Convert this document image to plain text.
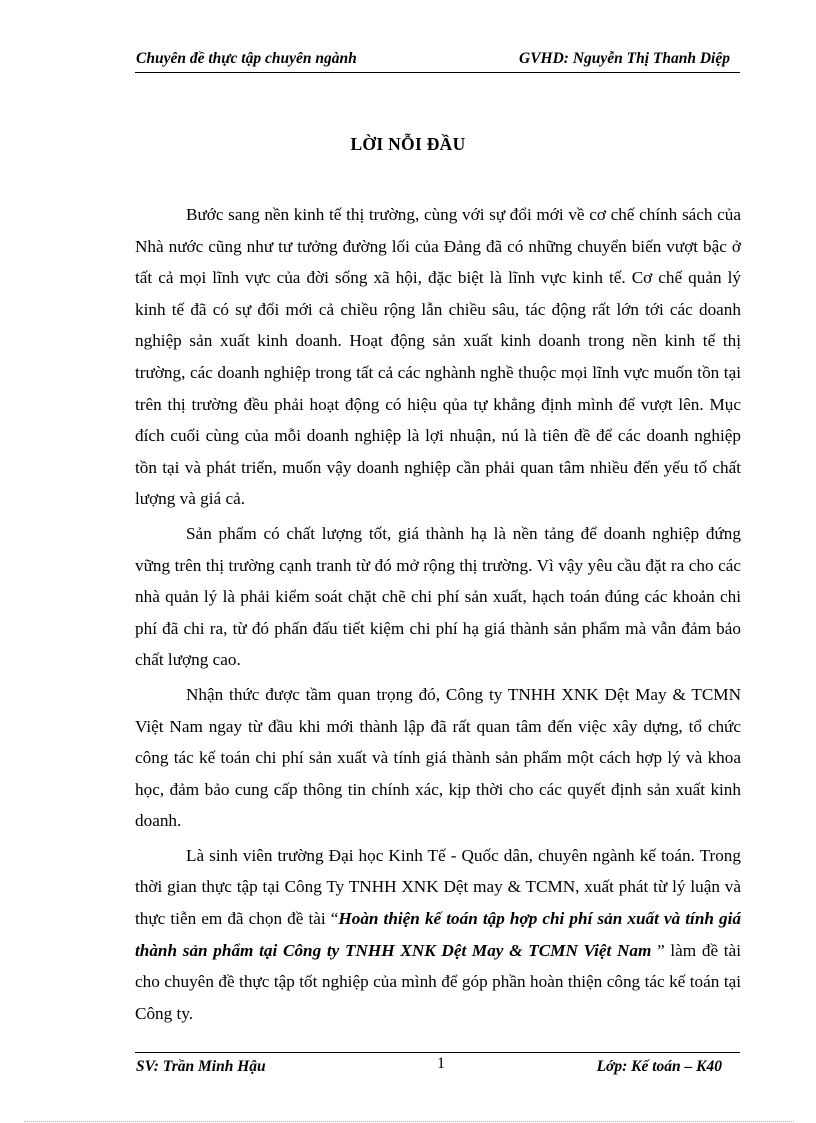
Chuyên đề thực tập chuyên ngành	GVHD: Nguyễn Thị Thanh Diệp
LỜI NỖI ĐẦU

Bước sang nền kinh tế thị trường, cùng với sự đổi mới về cơ chế chính sách của Nhà nước cũng như tư tưởng đường lối của Đảng đã có những chuyển biến vượt bậc ở tất cả mọi lĩnh vực của đời sống xã hội, đặc biệt là lĩnh vực kinh tế. Cơ chế quản lý kinh tế đã có sự đổi mới cả chiều rộng lẫn chiều sâu, tác động rất lớn tới các doanh nghiệp sản xuất kinh doanh. Hoạt động sản xuất kinh doanh trong nền kinh tế thị trường, các doanh nghiệp trong tất cả các nghành nghề thuộc mọi lĩnh vực muốn tồn tại trên thị trường đều phải hoạt động có hiệu qủa tự khẳng định mình để vượt lên. Mục đích cuối cùng của mỗi doanh nghiệp là lợi nhuận, nú là tiên đề để các doanh nghiệp tồn tại và phát triển, muốn vậy doanh nghiệp cần phải quan tâm nhiều đến yếu tố chất lượng và giá cả.

Sản phẩm có chất lượng tốt, giá thành hạ là nền tảng để doanh nghiệp đứng vững trên thị trường cạnh tranh từ đó mở rộng thị trường. Vì vậy yêu cầu đặt ra cho các nhà quản lý là phải kiểm soát chặt chẽ chi phí sản xuất, hạch toán đúng các khoản chi phí đã chi ra, từ đó phấn đấu tiết kiệm chi phí hạ giá thành sản phẩm mà vẫn đảm bảo chất lượng cao.

Nhận thức được tầm quan trọng đó, Công ty TNHH XNK Dệt May & TCMN Việt Nam ngay từ đầu khi mới thành lập đã rất quan tâm đến việc xây dựng, tổ chức công tác kế toán chi phí sản xuất và tính giá thành sản phẩm một cách hợp lý và khoa học, đảm bảo cung cấp thông tin chính xác, kịp thời cho các quyết định sản xuất kinh doanh.

Là sinh viên trường Đại học Kinh Tế - Quốc dân, chuyên ngành kế toán. Trong thời gian thực tập tại Công Ty TNHH XNK Dệt may & TCMN, xuất phát từ lý luận và thực tiễn em đã chọn đề tài “Hoàn thiện kế toán tập hợp chi phí sản xuất và tính giá thành sản phẩm tại Công ty TNHH XNK Dệt May & TCMN Việt Nam ” làm đề tài cho chuyên đề thực tập tốt nghiệp của mình để góp phần hoàn thiện công tác kế toán tại Công ty.

SV: Trần Minh Hậu	1	Lớp: Kế toán – K40
